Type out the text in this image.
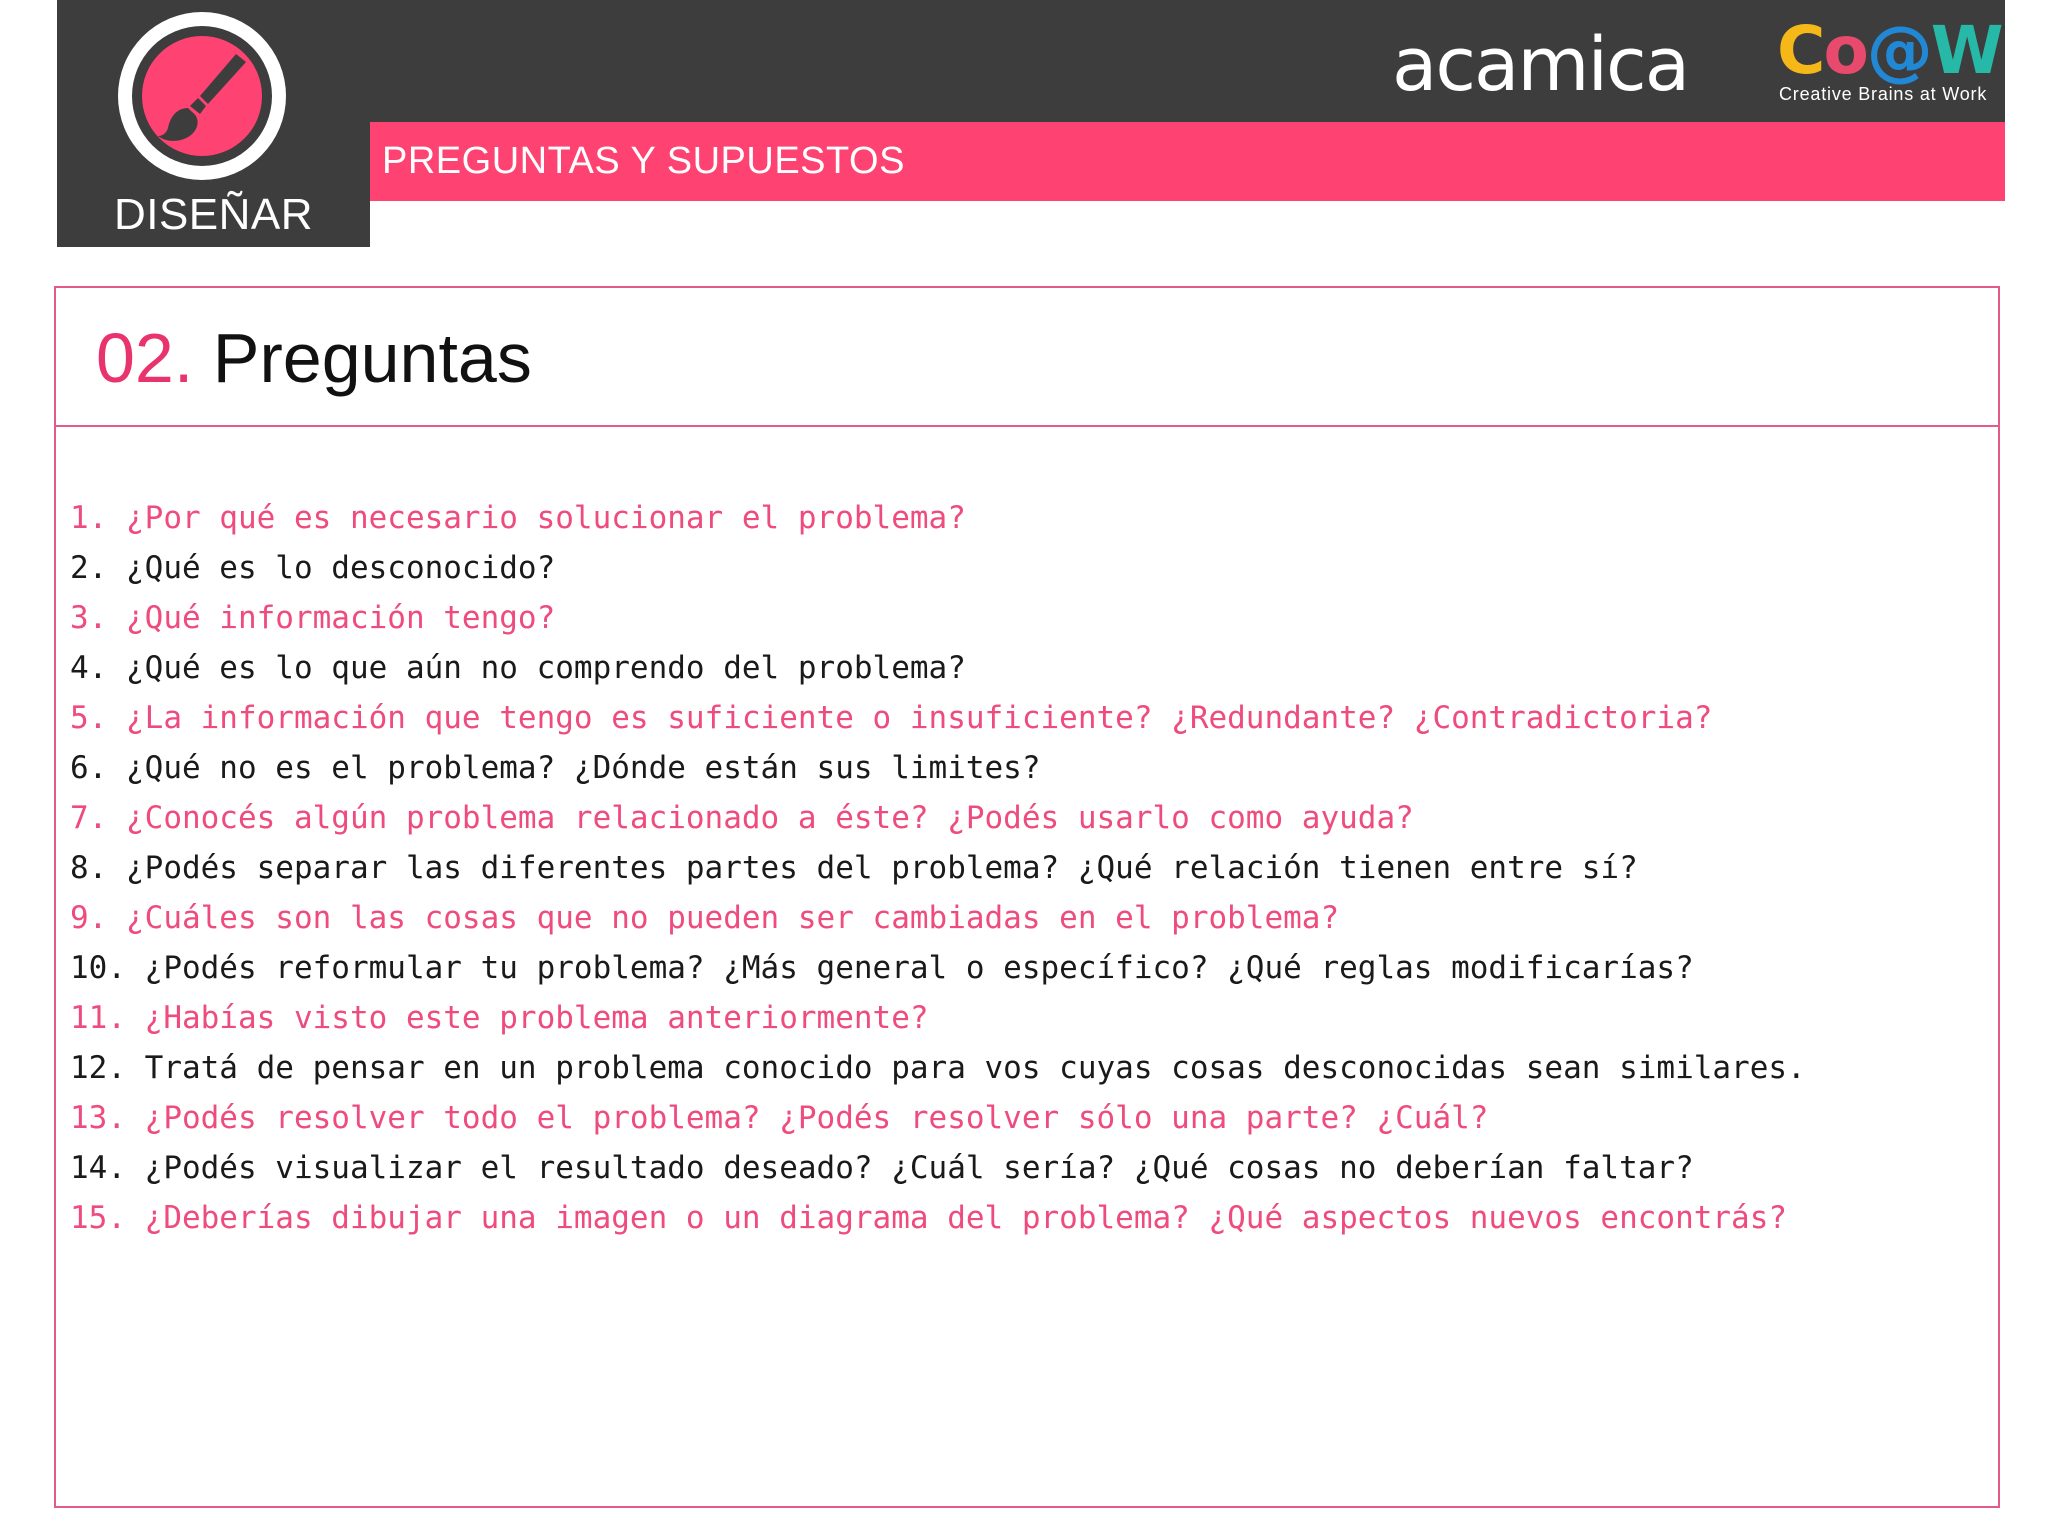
acamica Co@W
Creative Brains at Work
DISEÑAR
PREGUNTAS Y SUPUESTOS
02. Preguntas
1. ¿Por qué es necesario solucionar el problema?
2. ¿Qué es lo desconocido?
3. ¿Qué información tengo?
4. ¿Qué es lo que aún no comprendo del problema?
5. ¿La información que tengo es suficiente o insuficiente? ¿Redundante? ¿Contradictoria?
6. ¿Qué no es el problema? ¿Dónde están sus limites?
7. ¿Conocés algún problema relacionado a éste? ¿Podés usarlo como ayuda?
8. ¿Podés separar las diferentes partes del problema? ¿Qué relación tienen entre sí?
9. ¿Cuáles son las cosas que no pueden ser cambiadas en el problema?
10. ¿Podés reformular tu problema? ¿Más general o específico? ¿Qué reglas modificarías?
11. ¿Habías visto este problema anteriormente?
12. Tratá de pensar en un problema conocido para vos cuyas cosas desconocidas sean similares.
13. ¿Podés resolver todo el problema? ¿Podés resolver sólo una parte? ¿Cuál?
14. ¿Podés visualizar el resultado deseado? ¿Cuál sería? ¿Qué cosas no deberían faltar?
15. ¿Deberías dibujar una imagen o un diagrama del problema? ¿Qué aspectos nuevos encontrás?
